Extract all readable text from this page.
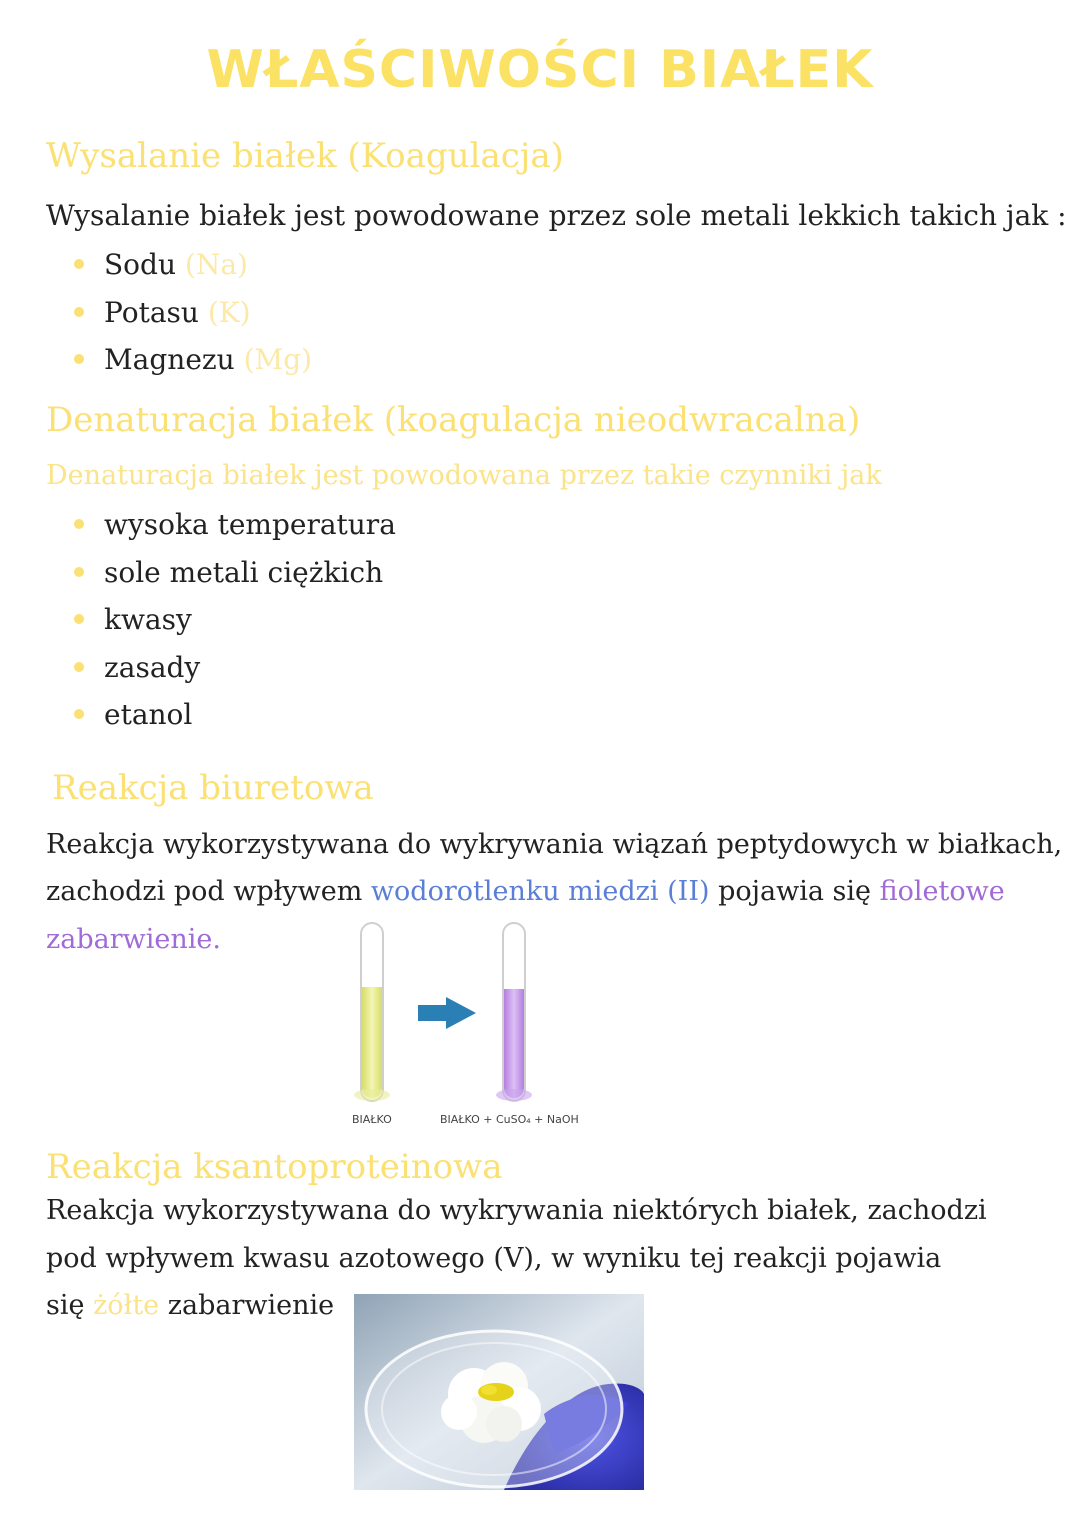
WŁAŚCIWOŚCI BIAŁEK
Wysalanie białek (Koagulacja)
Wysalanie białek jest powodowane przez sole metali lekkich takich jak :
Sodu (Na)
Potasu (K)
Magnezu (Mg)
Denaturacja białek (koagulacja nieodwracalna)
Denaturacja białek jest powodowana przez takie czynniki jak
wysoka temperatura
sole metali ciężkich
kwasy
zasady
etanol
Reakcja biuretowa
Reakcja wykorzystywana do wykrywania wiązań peptydowych w białkach,
zachodzi pod wpływem wodorotlenku miedzi (II) pojawia się fioletowe
zabarwienie.
BIAŁKO	BIAŁKO + CuSO₄ + NaOH
Reakcja ksantoproteinowa
Reakcja wykorzystywana do wykrywania niektórych białek, zachodzi
pod wpływem kwasu azotowego (V), w wyniku tej reakcji pojawia
się żółte zabarwienie
